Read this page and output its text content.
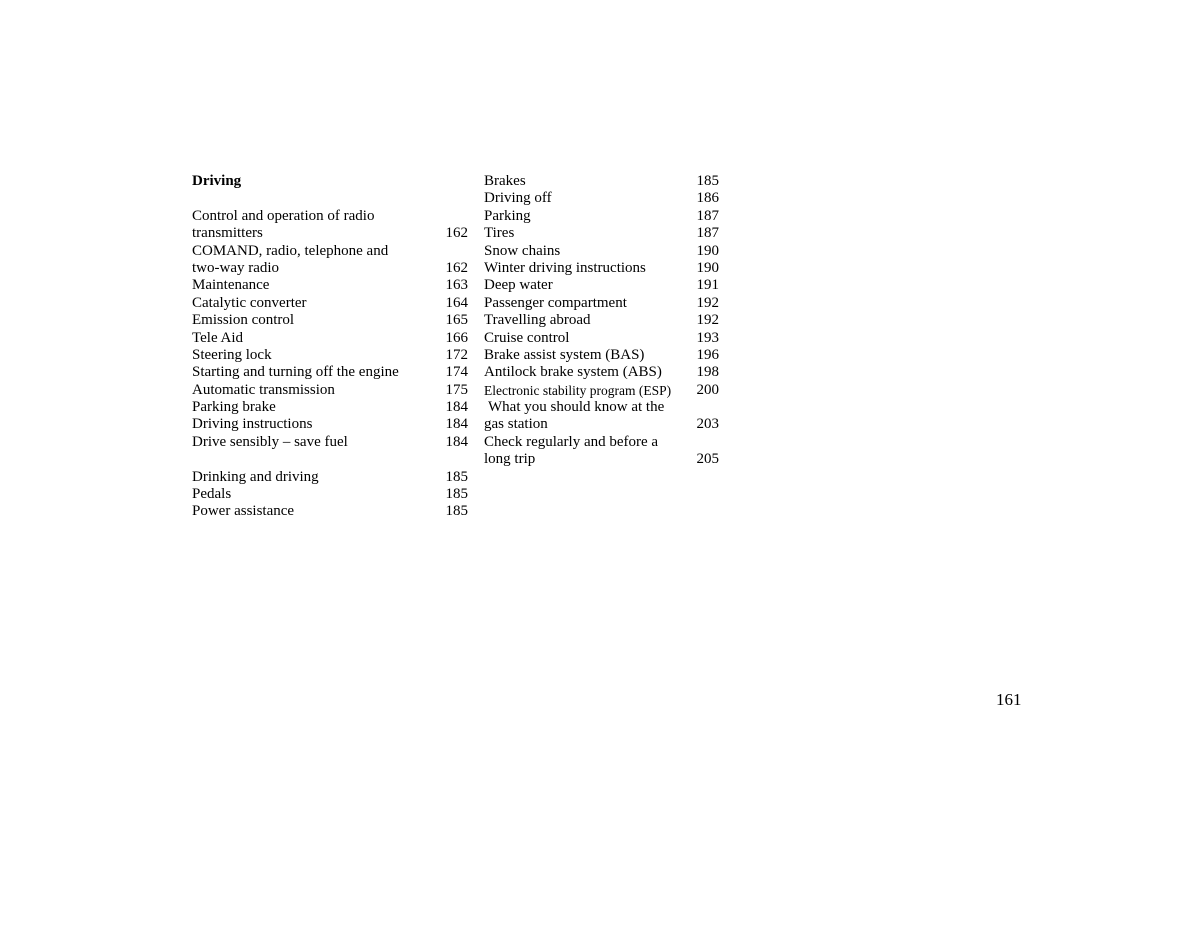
Driving
Control and operation of radio
transmitters	162
COMAND, radio, telephone and
two-way radio	162
Maintenance	163
Catalytic converter	164
Emission control	165
Tele Aid	166
Steering lock	172
Starting and turning off the engine	174
Automatic transmission	175
Parking brake	184
Driving instructions	184
Drive sensibly – save fuel	184
Drinking and driving	185
Pedals	185
Power assistance	185
Brakes	185
Driving off	186
Parking	187
Tires	187
Snow chains	190
Winter driving instructions	190
Deep water	191
Passenger compartment	192
Travelling abroad	192
Cruise control	193
Brake assist system (BAS)	196
Antilock brake system (ABS) 198
Electronic stability program (ESP) 200
What you should know at the
gas station	203
Check regularly and before a
long trip	205
161
